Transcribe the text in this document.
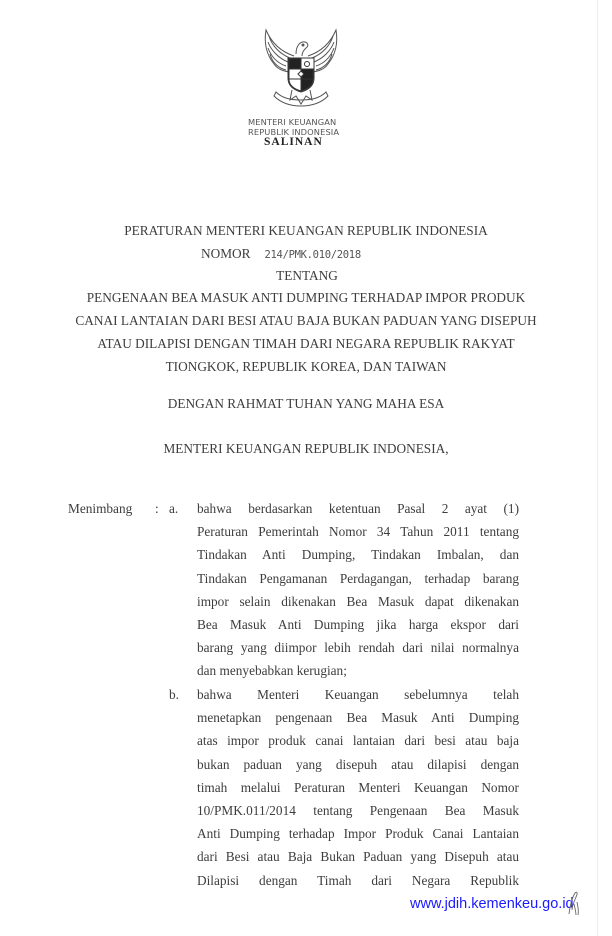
MENTERI KEUANGAN
REPUBLIK INDONESIA
SALINAN
PERATURAN MENTERI KEUANGAN REPUBLIK INDONESIA
NOMOR 214/PMK.010/2018
TENTANG
PENGENAAN BEA MASUK ANTI DUMPING TERHADAP IMPOR PRODUK
CANAI LANTAIAN DARI BESI ATAU BAJA BUKAN PADUAN YANG DISEPUH
ATAU DILAPISI DENGAN TIMAH DARI NEGARA REPUBLIK RAKYAT
TIONGKOK, REPUBLIK KOREA, DAN TAIWAN
DENGAN RAHMAT TUHAN YANG MAHA ESA
MENTERI KEUANGAN REPUBLIK INDONESIA,
Menimbang : a. bahwa berdasarkan ketentuan Pasal 2 ayat (1)
Peraturan Pemerintah Nomor 34 Tahun 2011 tentang
Tindakan Anti Dumping, Tindakan Imbalan, dan
Tindakan Pengamanan Perdagangan, terhadap barang
impor selain dikenakan Bea Masuk dapat dikenakan
Bea Masuk Anti Dumping jika harga ekspor dari
barang yang diimpor lebih rendah dari nilai normalnya
dan menyebabkan kerugian;
b. bahwa Menteri Keuangan sebelumnya telah
menetapkan pengenaan Bea Masuk Anti Dumping
atas impor produk canai lantaian dari besi atau baja
bukan paduan yang disepuh atau dilapisi dengan
timah melalui Peraturan Menteri Keuangan Nomor
10/PMK.011/2014 tentang Pengenaan Bea Masuk
Anti Dumping terhadap Impor Produk Canai Lantaian
dari Besi atau Baja Bukan Paduan yang Disepuh atau
Dilapisi dengan Timah dari Negara Republik
www.jdih.kemenkeu.go.id
